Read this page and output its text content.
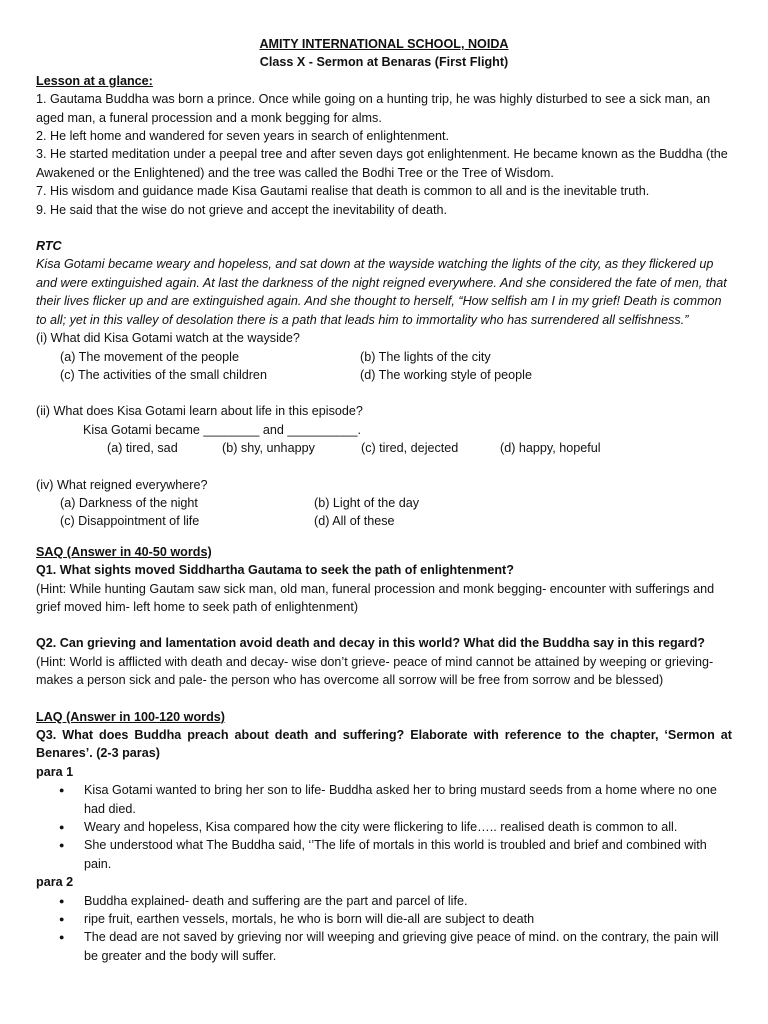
AMITY INTERNATIONAL SCHOOL, NOIDA
Class X - Sermon at Benaras (First Flight)
Lesson at a glance:
1. Gautama Buddha was born a prince. Once while going on a hunting trip, he was highly disturbed to see a sick man, an aged man, a funeral procession and a monk begging for alms.
2. He left home and wandered for seven years in search of enlightenment.
3. He started meditation under a peepal tree and after seven days got enlightenment. He became known as the Buddha (the Awakened or the Enlightened) and the tree was called the Bodhi Tree or the Tree of Wisdom.
7. His wisdom and guidance made Kisa Gautami realise that death is common to all and is the inevitable truth.
9. He said that the wise do not grieve and accept the inevitability of death.
RTC
Kisa Gotami became weary and hopeless, and sat down at the wayside watching the lights of the city, as they flickered up and were extinguished again. At last the darkness of the night reigned everywhere. And she considered the fate of men, that their lives flicker up and are extinguished again. And she thought to herself, “How selfish am I in my grief! Death is common to all; yet in this valley of desolation there is a path that leads him to immortality who has surrendered all selfishness.”
(i) What did Kisa Gotami watch at the wayside?
(a) The movement of the people	(b) The lights of the city
(c) The activities of the small children	(d) The working style of people
(ii) What does Kisa Gotami learn about life in this episode?
Kisa Gotami became ________ and __________.
(a) tired, sad	(b) shy, unhappy	(c) tired, dejected	(d) happy, hopeful
(iv) What reigned everywhere?
(a) Darkness of the night	(b) Light of the day
(c) Disappointment of life	(d) All of these
SAQ (Answer in 40-50 words)
Q1. What sights moved Siddhartha Gautama to seek the path of enlightenment?
(Hint: While hunting Gautam saw sick man, old man, funeral procession and monk begging- encounter with sufferings and grief moved him- left home to seek path of enlightenment)
Q2. Can grieving and lamentation avoid death and decay in this world? What did the Buddha say in this regard?
(Hint: World is afflicted with death and decay- wise don’t grieve- peace of mind cannot be attained by weeping or grieving- makes a person sick and pale- the person who has overcome all sorrow will be free from sorrow and be blessed)
LAQ (Answer in 100-120 words)
Q3. What does Buddha preach about death and suffering? Elaborate with reference to the chapter, ‘Sermon at Benares’. (2-3 paras)
para 1
● Kisa Gotami wanted to bring her son to life- Buddha asked her to bring mustard seeds from a home where no one had died.
● Weary and hopeless, Kisa compared how the city were flickering to life….. realised death is common to all.
● She understood what The Buddha said, ‘’The life of mortals in this world is troubled and brief and combined with pain.
para 2
● Buddha explained- death and suffering are the part and parcel of life.
● ripe fruit, earthen vessels, mortals, he who is born will die-all are subject to death
● The dead are not saved by grieving nor will weeping and grieving give peace of mind. on the contrary, the pain will be greater and the body will suffer.
